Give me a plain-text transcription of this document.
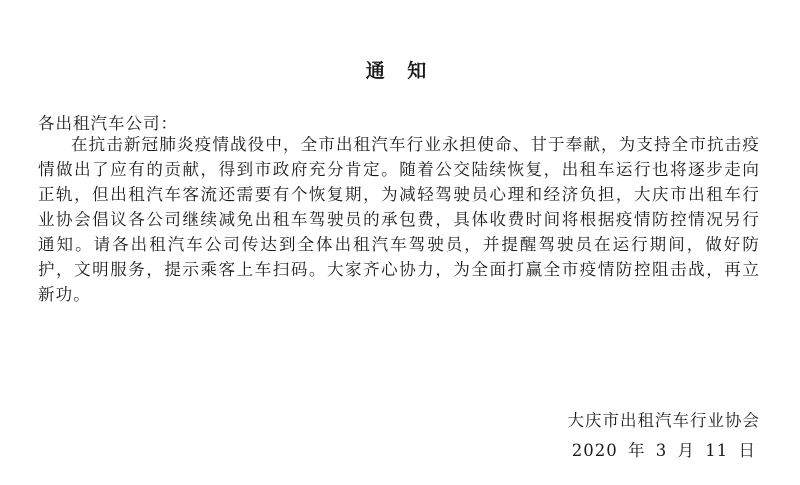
通 知
各出租汽车公司：

在抗击新冠肺炎疫情战役中，全市出租汽车行业永担使命、甘于奉献，为支持全市抗击疫情做出了应有的贡献，得到市政府充分肯定。随着公交陆续恢复，出租车运行也将逐步走向正轨，但出租汽车客流还需要有个恢复期，为减轻驾驶员心理和经济负担，大庆市出租车行业协会倡议各公司继续减免出租车驾驶员的承包费，具体收费时间将根据疫情防控情况另行通知。请各出租汽车公司传达到全体出租汽车驾驶员，并提醒驾驶员在运行期间，做好防护，文明服务，提示乘客上车扫码。大家齐心协力，为全面打赢全市疫情防控阻击战，再立新功。

大庆市出租汽车行业协会
2020 年 3 月 11 日
